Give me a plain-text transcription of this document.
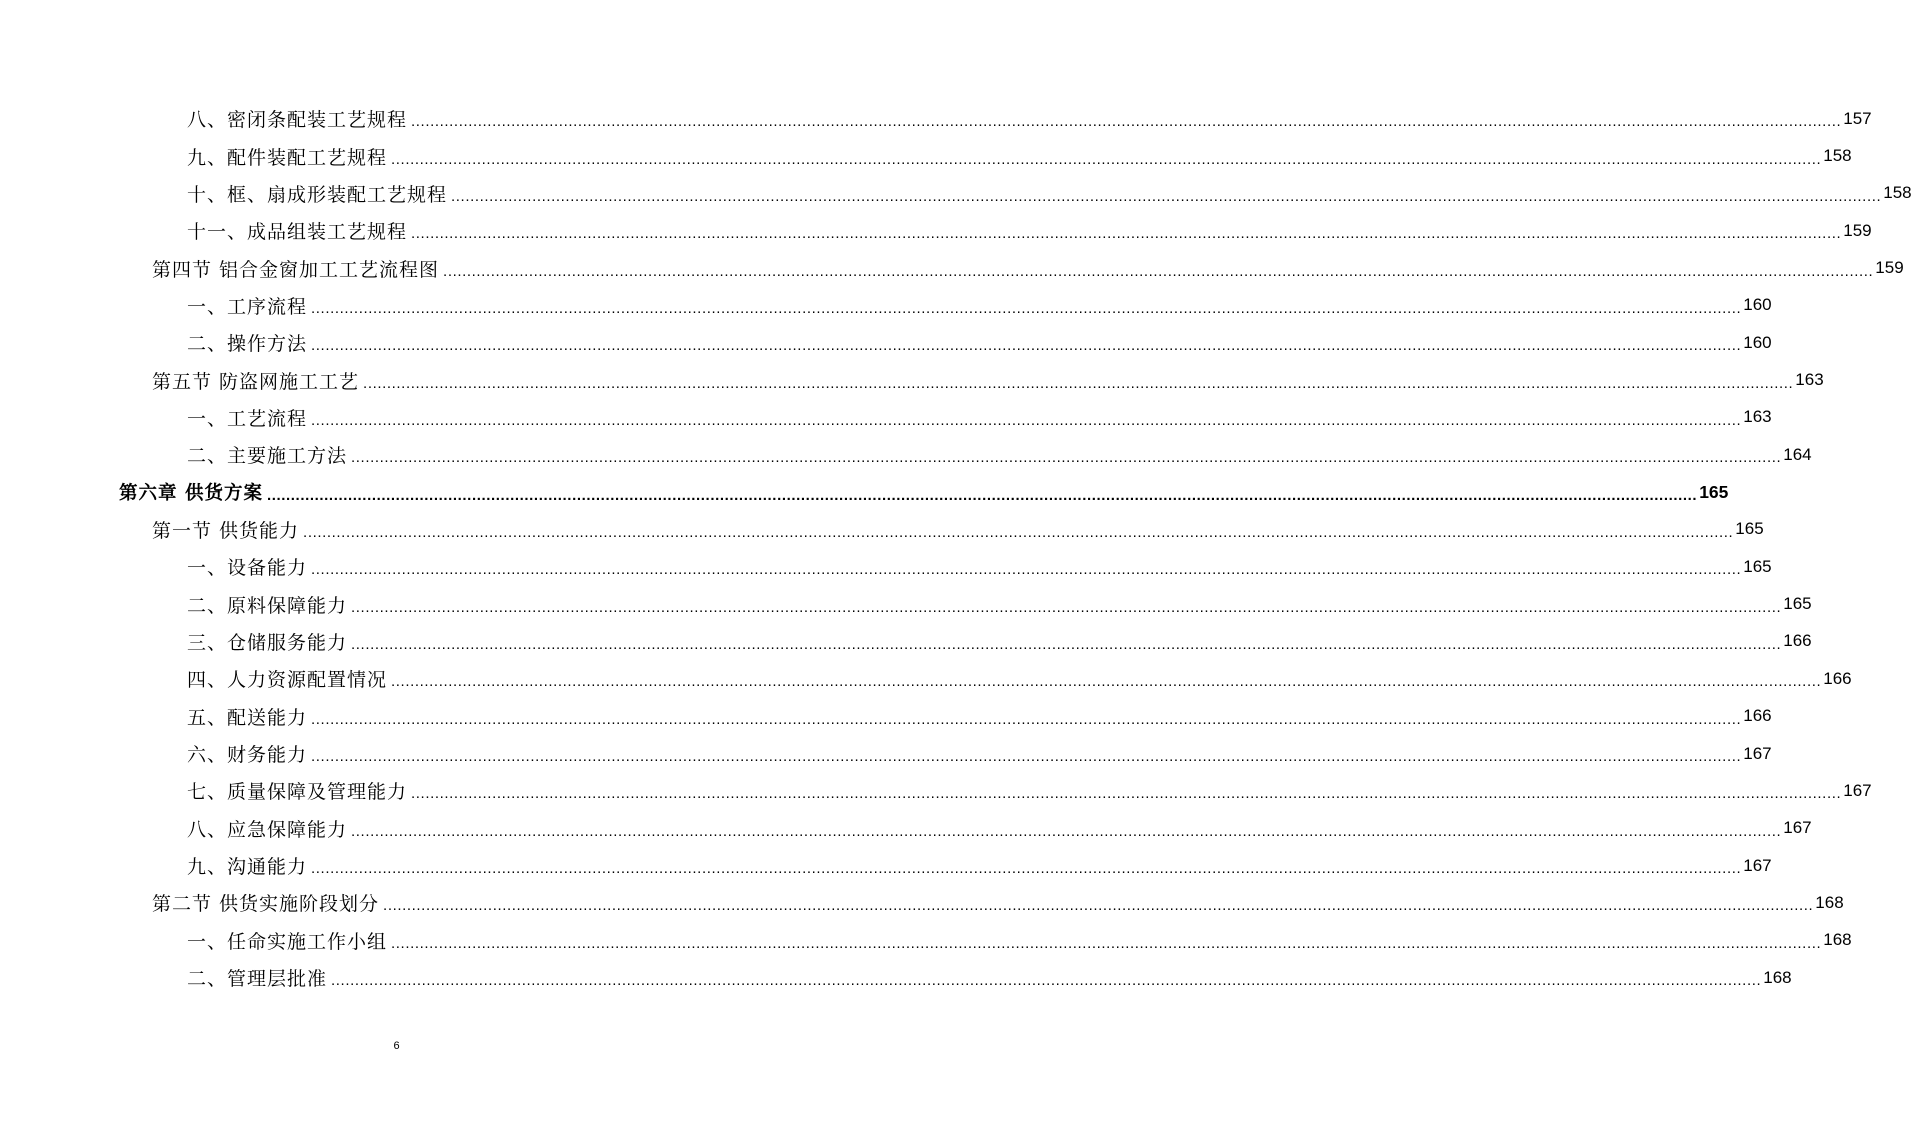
八、密闭条配装工艺规程 ............................................................................................................................................................................................................................................................................................................ 157
九、配件装配工艺规程 ............................................................................................................................................................................................................................................................................................................ 158
十、框、扇成形装配工艺规程 ............................................................................................................................................................................................................................................................................................................ 158
十一、成品组装工艺规程 ............................................................................................................................................................................................................................................................................................................ 159
第四节 铝合金窗加工工艺流程图 ............................................................................................................................................................................................................................................................................................................ 159
一、工序流程 ............................................................................................................................................................................................................................................................................................................ 160
二、操作方法 ............................................................................................................................................................................................................................................................................................................ 160
第五节 防盗网施工工艺 ............................................................................................................................................................................................................................................................................................................ 163
一、工艺流程 ............................................................................................................................................................................................................................................................................................................ 163
二、主要施工方法 ............................................................................................................................................................................................................................................................................................................ 164
第六章 供货方案 ............................................................................................................................................................................................................................................................................................................ 165
第一节 供货能力 ............................................................................................................................................................................................................................................................................................................ 165
一、设备能力 ............................................................................................................................................................................................................................................................................................................ 165
二、原料保障能力 ............................................................................................................................................................................................................................................................................................................ 165
三、仓储服务能力 ............................................................................................................................................................................................................................................................................................................ 166
四、人力资源配置情况 ............................................................................................................................................................................................................................................................................................................ 166
五、配送能力 ............................................................................................................................................................................................................................................................................................................ 166
六、财务能力 ............................................................................................................................................................................................................................................................................................................ 167
七、质量保障及管理能力 ............................................................................................................................................................................................................................................................................................................ 167
八、应急保障能力 ............................................................................................................................................................................................................................................................................................................ 167
九、沟通能力 ............................................................................................................................................................................................................................................................................................................ 167
第二节 供货实施阶段划分 ............................................................................................................................................................................................................................................................................................................ 168
一、任命实施工作小组 ............................................................................................................................................................................................................................................................................................................ 168
二、管理层批准 ............................................................................................................................................................................................................................................................................................................ 168
6
